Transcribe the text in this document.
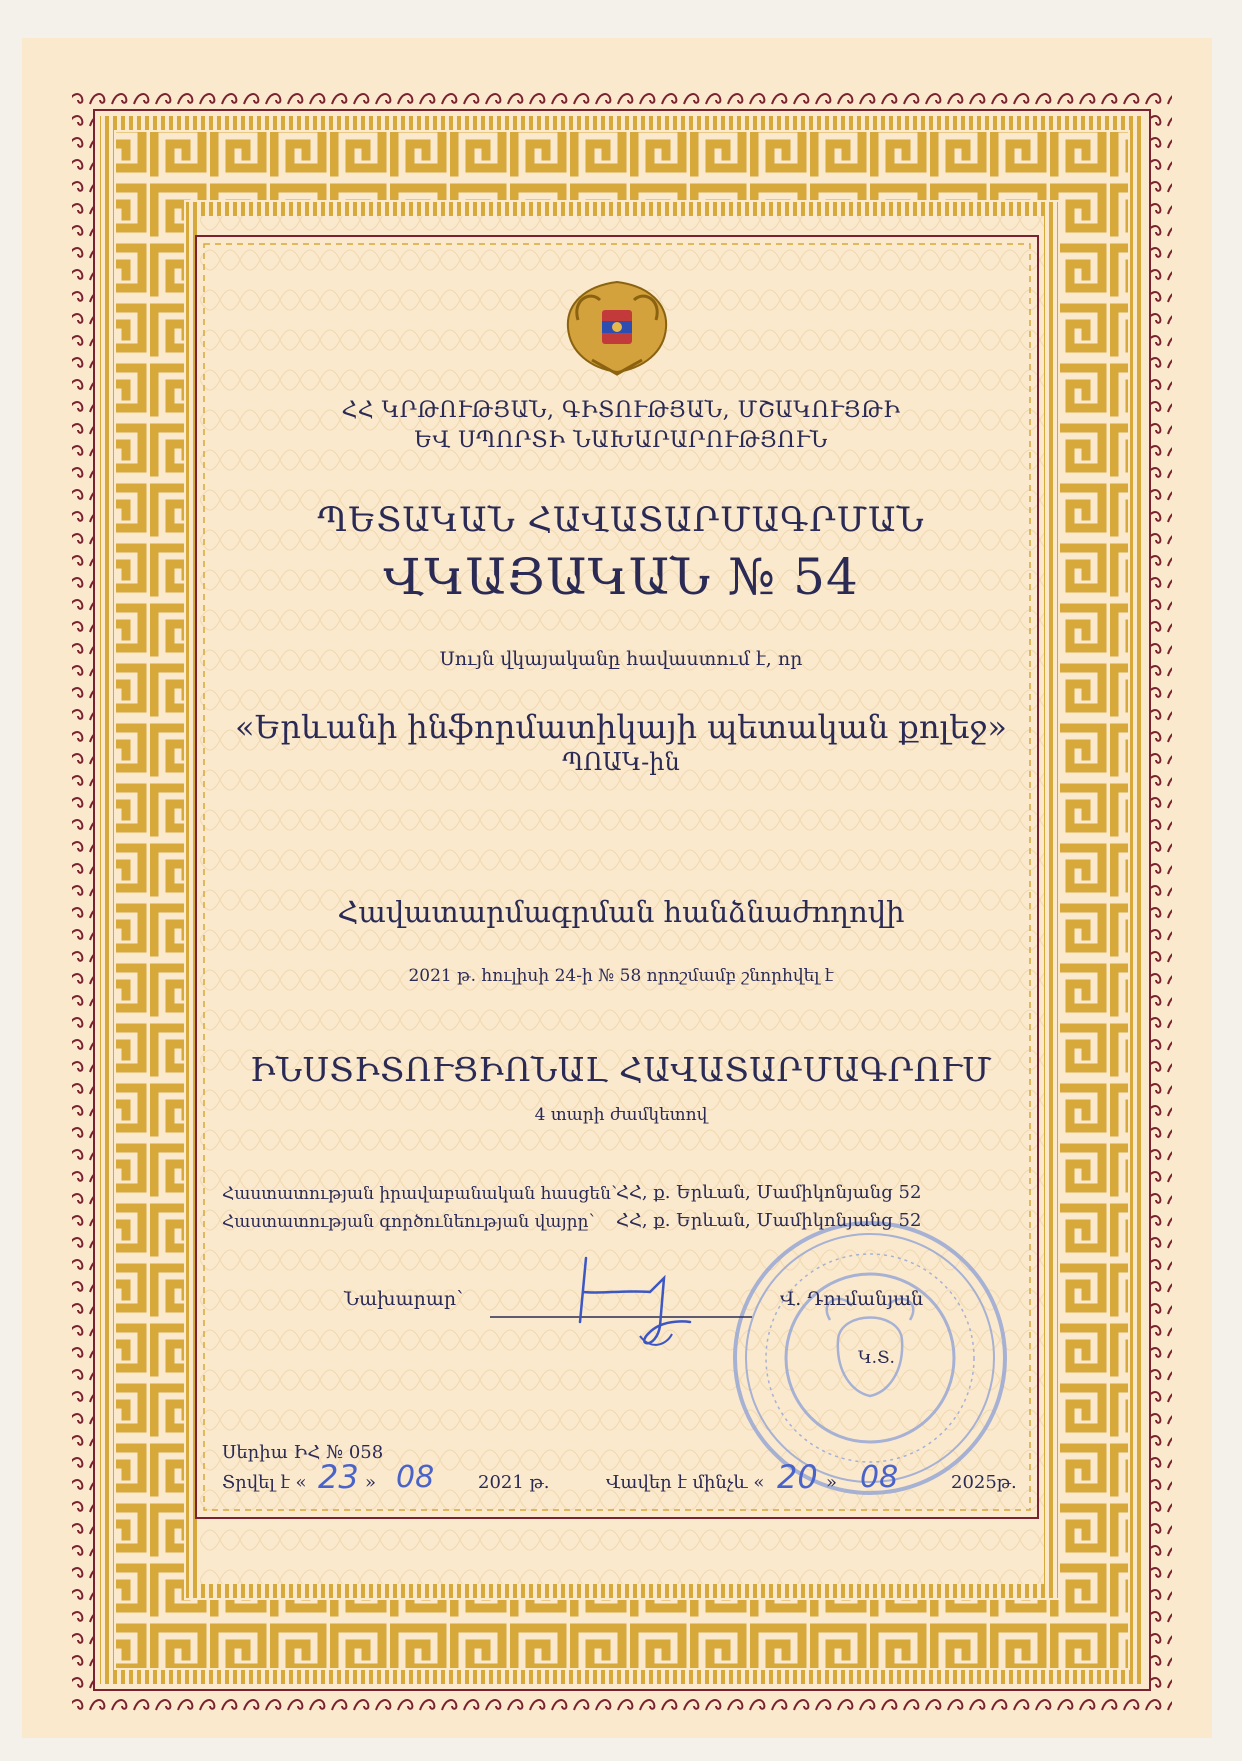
ՀՀ ԿՐԹՈՒԹՅԱՆ, ԳԻՏՈՒԹՅԱՆ, ՄՇԱԿՈՒՅԹԻ
ԵՎ ՍՊՈՐՏԻ ՆԱԽԱՐԱՐՈՒԹՅՈՒՆ
ՊԵՏԱԿԱՆ ՀԱՎԱՏԱՐՄԱԳՐՄԱՆ
ՎԿԱՅԱԿԱՆ № 54
Սույն վկայականը հավաստում է, որ
«Երևանի ինֆորմատիկայի պետական քոլեջ»
ՊՈԱԿ-ին
Հավատարմագրման հանձնաժողովի
2021 թ. հուլիսի 24-ի № 58 որոշմամբ շնորհվել է
ԻՆՍՏԻՏՈՒՑԻՈՆԱԼ ՀԱՎԱՏԱՐՄԱԳՐՈՒՄ
4 տարի ժամկետով
Հաստատության իրավաբանական հասցեն՝
ՀՀ, ք. Երևան, Մամիկոնյանց 52
Հաստատության գործունեության վայրը՝ ՀՀ, ք. Երևան, Մամիկոնյանց 52
Նախարար՝	Վ. Դումանյան
Կ.Տ.
Սերիա ԻՀ № 058
Տրվել է « 23 » 08 2021 թ.	Վավեր է մինչև « 20 » 08	2025թ.
